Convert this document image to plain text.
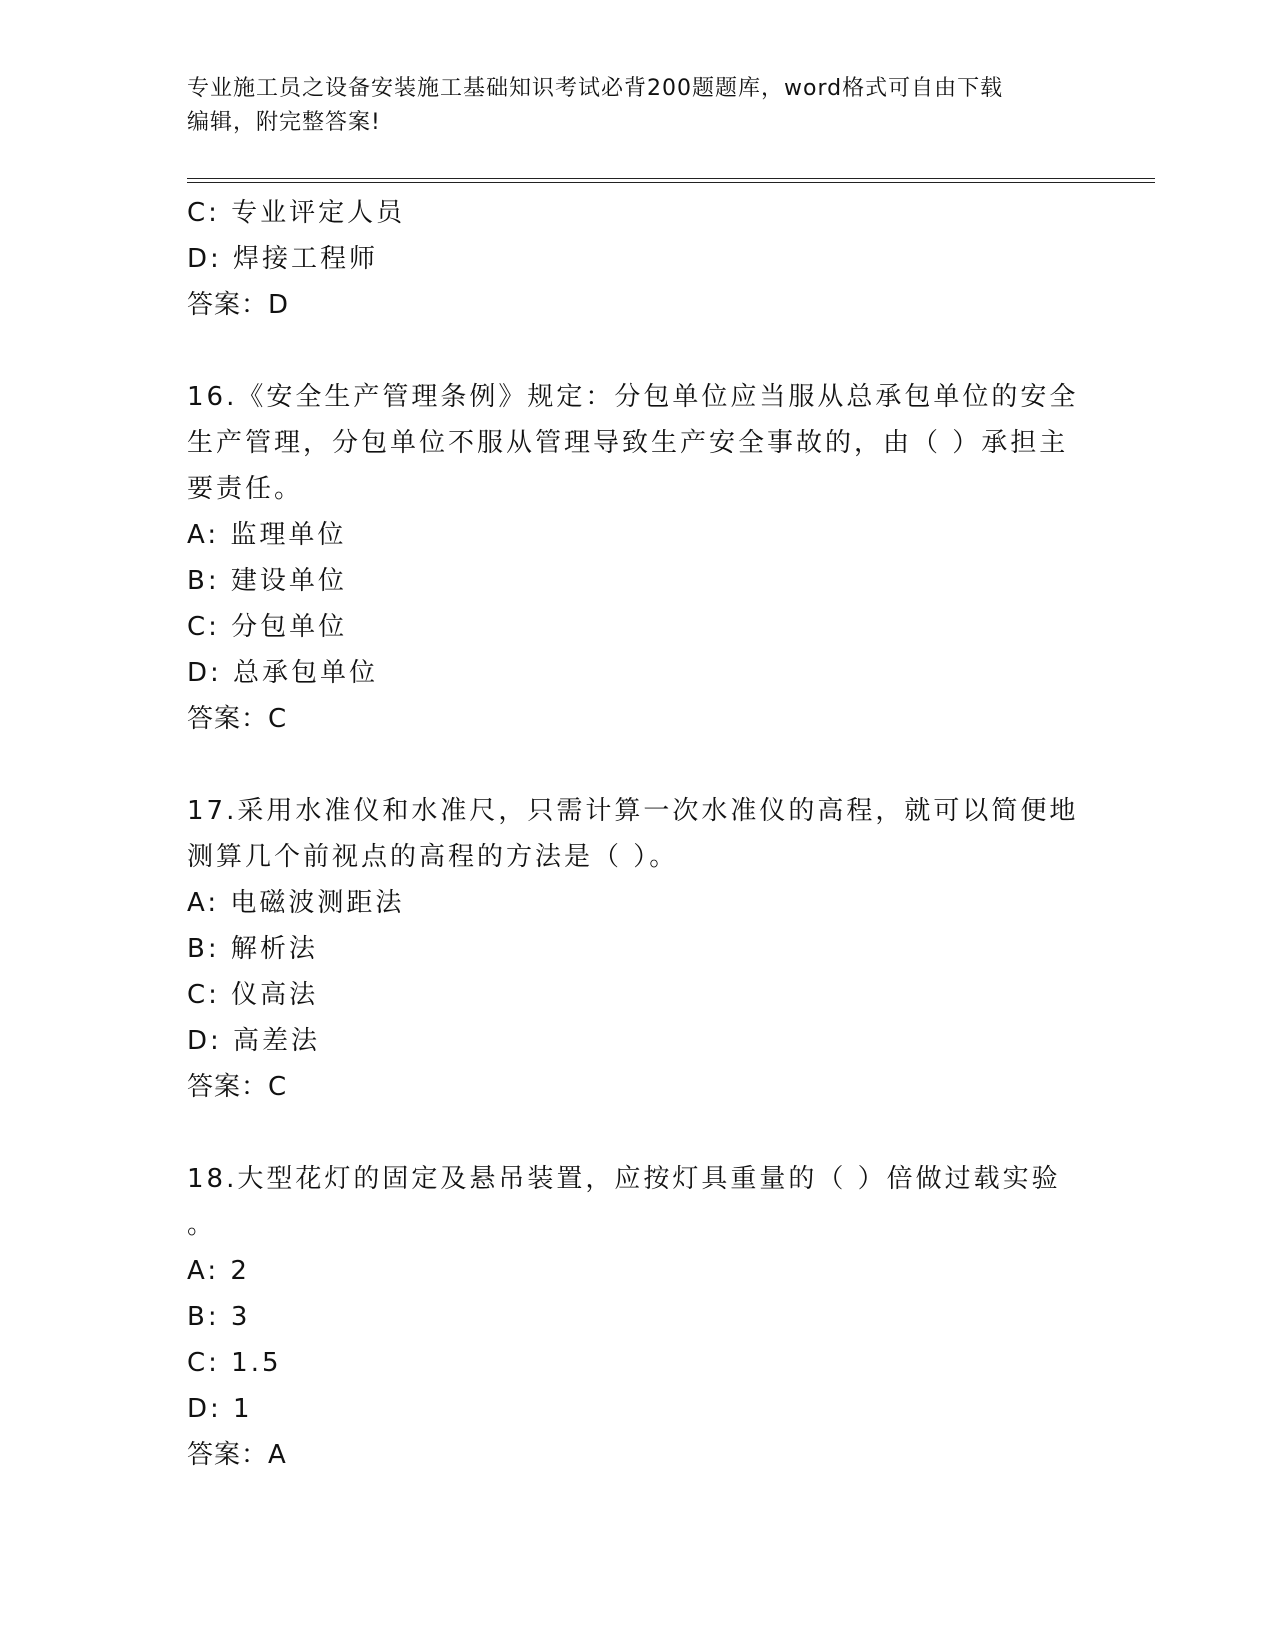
专业施工员之设备安装施工基础知识考试必背200题题库，word格式可自由下载
编辑，附完整答案!

C: 专业评定人员

D: 焊接工程师

答案：D

16.《安全生产管理条例》规定：分包单位应当服从总承包单位的安全

生产管理，分包单位不服从管理导致生产安全事故的，由（ ）承担主

要责任。

A: 监理单位

B: 建设单位

C: 分包单位

D: 总承包单位

答案：C

17.采用水准仪和水准尺，只需计算一次水准仪的高程，就可以简便地

测算几个前视点的高程的方法是（ ）。

A: 电磁波测距法

B: 解析法

C: 仪高法

D: 高差法

答案：C

18.大型花灯的固定及悬吊装置，应按灯具重量的（ ）倍做过载实验

。

A: 2

B: 3

C: 1.5

D: 1

答案：A
